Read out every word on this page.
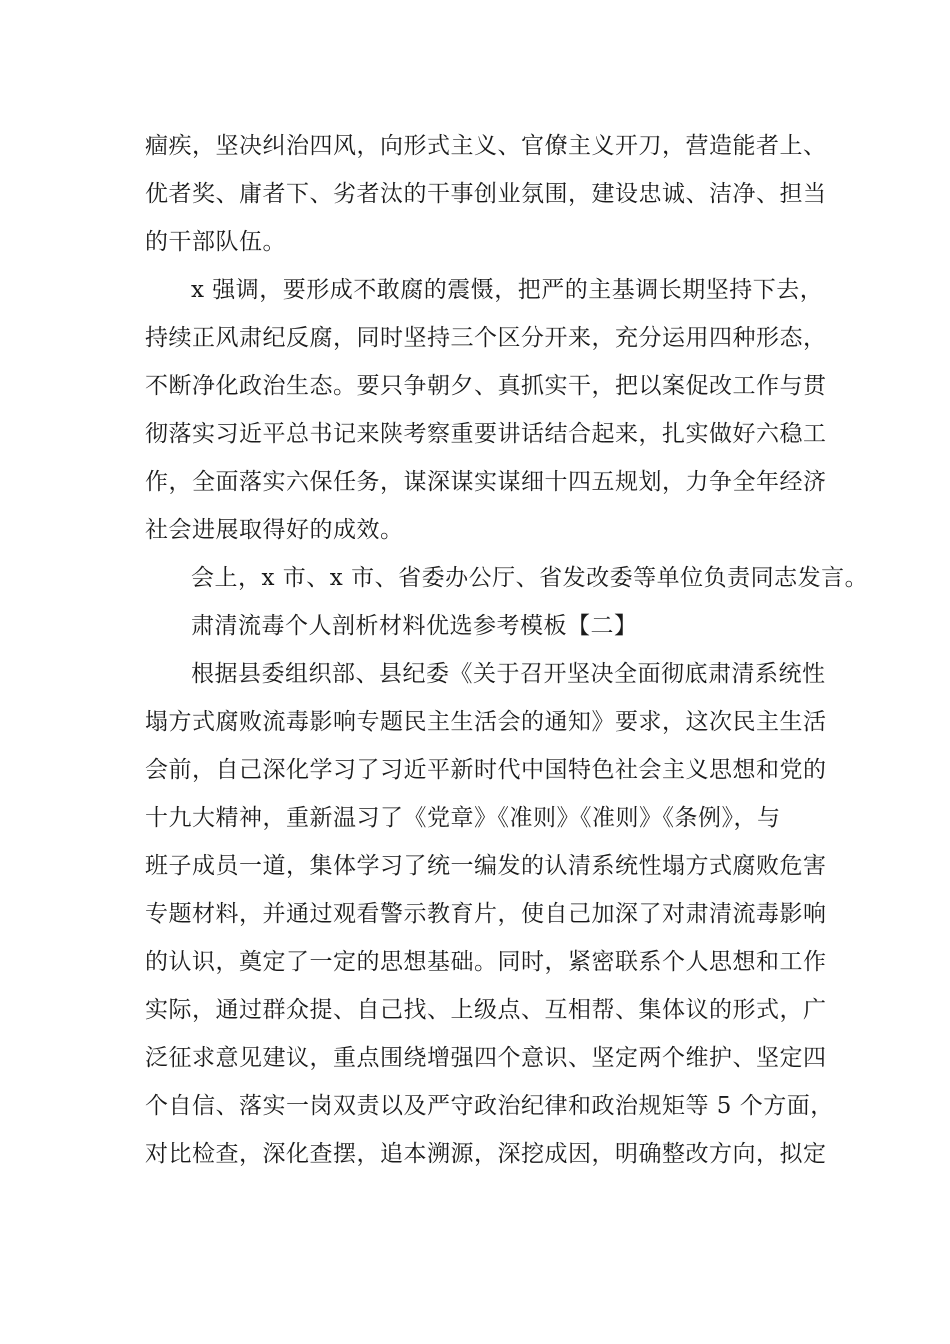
痼疾，坚决纠治四风，向形式主义、官僚主义开刀，营造能者上、
优者奖、庸者下、劣者汰的干事创业氛围，建设忠诚、洁净、担当
的干部队伍。

x 强调，要形成不敢腐的震慑，把严的主基调长期坚持下去，
持续正风肃纪反腐，同时坚持三个区分开来，充分运用四种形态，
不断净化政治生态。要只争朝夕、真抓实干，把以案促改工作与贯
彻落实习近平总书记来陕考察重要讲话结合起来，扎实做好六稳工
作，全面落实六保任务，谋深谋实谋细十四五规划，力争全年经济
社会进展取得好的成效。

会上，x 市、x 市、省委办公厅、省发改委等单位负责同志发言。

肃清流毒个人剖析材料优选参考模板【二】

根据县委组织部、县纪委《关于召开坚决全面彻底肃清系统性
塌方式腐败流毒影响专题民主生活会的通知》要求，这次民主生活
会前，自己深化学习了习近平新时代中国特色社会主义思想和党的
十九大精神，重新温习了《党章》《准则》《准则》《条例》，与
班子成员一道，集体学习了统一编发的认清系统性塌方式腐败危害
专题材料，并通过观看警示教育片，使自己加深了对肃清流毒影响
的认识，奠定了一定的思想基础。同时，紧密联系个人思想和工作
实际，通过群众提、自己找、上级点、互相帮、集体议的形式，广
泛征求意见建议，重点围绕增强四个意识、坚定两个维护、坚定四
个自信、落实一岗双责以及严守政治纪律和政治规矩等 5 个方面，
对比检查，深化查摆，追本溯源，深挖成因，明确整改方向，拟定
